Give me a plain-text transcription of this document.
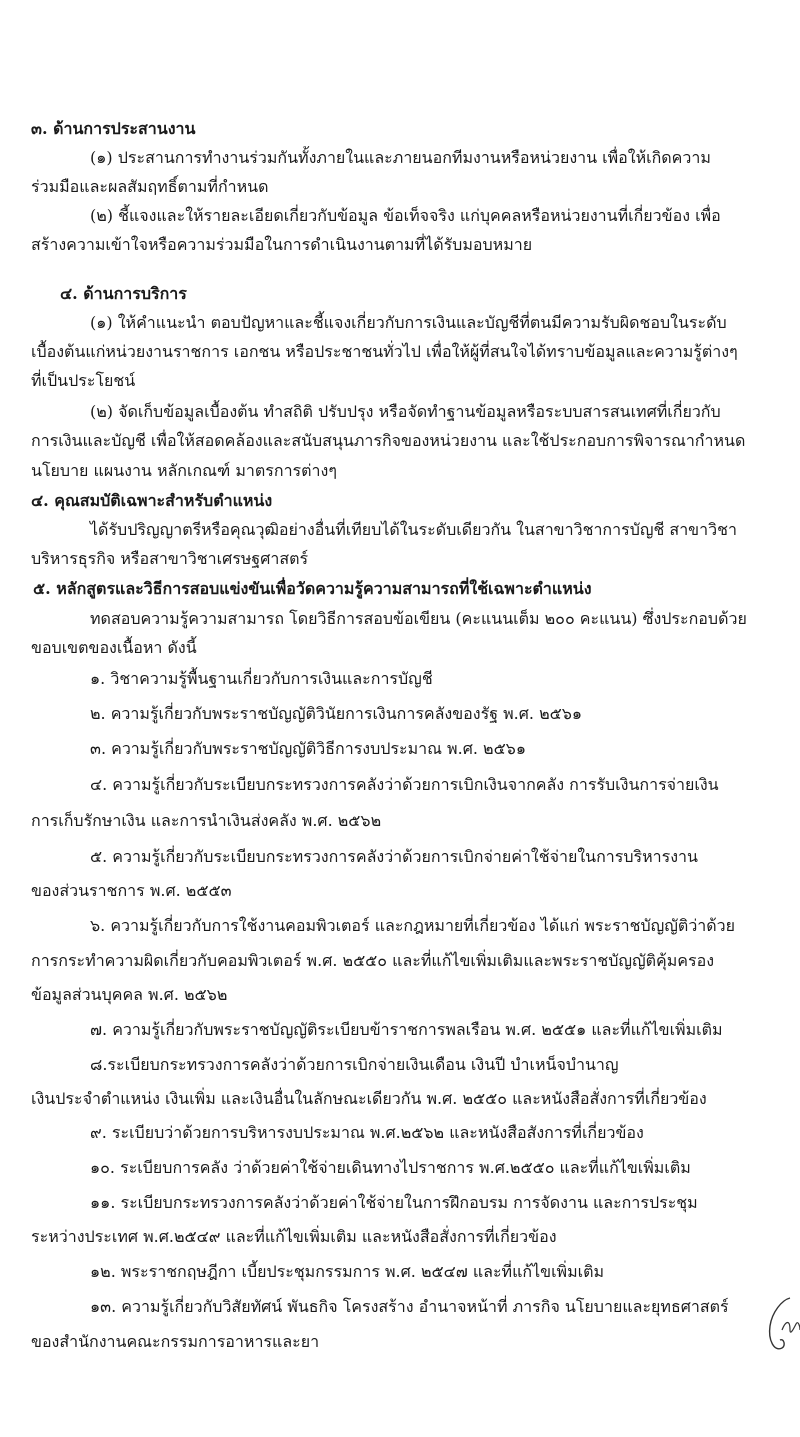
๓. ด้านการประสานงาน
(๑) ประสานการทำงานร่วมกันทั้งภายในและภายนอกทีมงานหรือหน่วยงาน เพื่อให้เกิดความ
ร่วมมือและผลสัมฤทธิ์ตามที่กำหนด
(๒) ชี้แจงและให้รายละเอียดเกี่ยวกับข้อมูล ข้อเท็จจริง แก่บุคคลหรือหน่วยงานที่เกี่ยวข้อง เพื่อ
สร้างความเข้าใจหรือความร่วมมือในการดำเนินงานตามที่ได้รับมอบหมาย
๔. ด้านการบริการ
(๑) ให้คำแนะนำ ตอบปัญหาและชี้แจงเกี่ยวกับการเงินและบัญชีที่ตนมีความรับผิดชอบในระดับ
เบื้องต้นแก่หน่วยงานราชการ เอกชน หรือประชาชนทั่วไป เพื่อให้ผู้ที่สนใจได้ทราบข้อมูลและความรู้ต่างๆ
ที่เป็นประโยชน์
(๒) จัดเก็บข้อมูลเบื้องต้น ทำสถิติ ปรับปรุง หรือจัดทำฐานข้อมูลหรือระบบสารสนเทศที่เกี่ยวกับ
การเงินและบัญชี เพื่อให้สอดคล้องและสนับสนุนภารกิจของหน่วยงาน และใช้ประกอบการพิจารณากำหนด
นโยบาย แผนงาน หลักเกณฑ์ มาตรการต่างๆ
๔. คุณสมบัติเฉพาะสำหรับตำแหน่ง
ได้รับปริญญาตรีหรือคุณวุฒิอย่างอื่นที่เทียบได้ในระดับเดียวกัน ในสาขาวิชาการบัญชี สาขาวิชา
บริหารธุรกิจ หรือสาขาวิชาเศรษฐศาสตร์
๕. หลักสูตรและวิธีการสอบแข่งขันเพื่อวัดความรู้ความสามารถที่ใช้เฉพาะตำแหน่ง
ทดสอบความรู้ความสามารถ โดยวิธีการสอบข้อเขียน (คะแนนเต็ม ๒๐๐ คะแนน) ซึ่งประกอบด้วย
ขอบเขตของเนื้อหา ดังนี้
๑. วิชาความรู้พื้นฐานเกี่ยวกับการเงินและการบัญชี
๒. ความรู้เกี่ยวกับพระราชบัญญัติวินัยการเงินการคลังของรัฐ พ.ศ. ๒๕๖๑
๓. ความรู้เกี่ยวกับพระราชบัญญัติวิธีการงบประมาณ พ.ศ. ๒๕๖๑
๔. ความรู้เกี่ยวกับระเบียบกระทรวงการคลังว่าด้วยการเบิกเงินจากคลัง การรับเงินการจ่ายเงิน
การเก็บรักษาเงิน และการนำเงินส่งคลัง พ.ศ. ๒๕๖๒
๕. ความรู้เกี่ยวกับระเบียบกระทรวงการคลังว่าด้วยการเบิกจ่ายค่าใช้จ่ายในการบริหารงาน
ของส่วนราชการ พ.ศ. ๒๕๕๓
๖. ความรู้เกี่ยวกับการใช้งานคอมพิวเตอร์ และกฎหมายที่เกี่ยวข้อง ได้แก่ พระราชบัญญัติว่าด้วย
การกระทำความผิดเกี่ยวกับคอมพิวเตอร์ พ.ศ. ๒๕๕๐ และที่แก้ไขเพิ่มเติมและพระราชบัญญัติคุ้มครอง
ข้อมูลส่วนบุคคล พ.ศ. ๒๕๖๒
๗. ความรู้เกี่ยวกับพระราชบัญญัติระเบียบข้าราชการพลเรือน พ.ศ. ๒๕๕๑ และที่แก้ไขเพิ่มเติม
๘.ระเบียบกระทรวงการคลังว่าด้วยการเบิกจ่ายเงินเดือน เงินปี บำเหน็จบำนาญ
เงินประจำตำแหน่ง เงินเพิ่ม และเงินอื่นในลักษณะเดียวกัน พ.ศ. ๒๕๕๐ และหนังสือสั่งการที่เกี่ยวข้อง
๙. ระเบียบว่าด้วยการบริหารงบประมาณ พ.ศ.๒๕๖๒ และหนังสือสังการที่เกี่ยวข้อง
๑๐. ระเบียบการคลัง ว่าด้วยค่าใช้จ่ายเดินทางไปราชการ พ.ศ.๒๕๕๐ และที่แก้ไขเพิ่มเติม
๑๑. ระเบียบกระทรวงการคลังว่าด้วยค่าใช้จ่ายในการฝึกอบรม การจัดงาน และการประชุม
ระหว่างประเทศ พ.ศ.๒๕๔๙ และที่แก้ไขเพิ่มเติม และหนังสือสั่งการที่เกี่ยวข้อง
๑๒. พระราชกฤษฎีกา เบี้ยประชุมกรรมการ พ.ศ. ๒๕๔๗ และที่แก้ไขเพิ่มเติม
๑๓. ความรู้เกี่ยวกับวิสัยทัศน์ พันธกิจ โครงสร้าง อำนาจหน้าที่ ภารกิจ นโยบายและยุทธศาสตร์
ของสำนักงานคณะกรรมการอาหารและยา
